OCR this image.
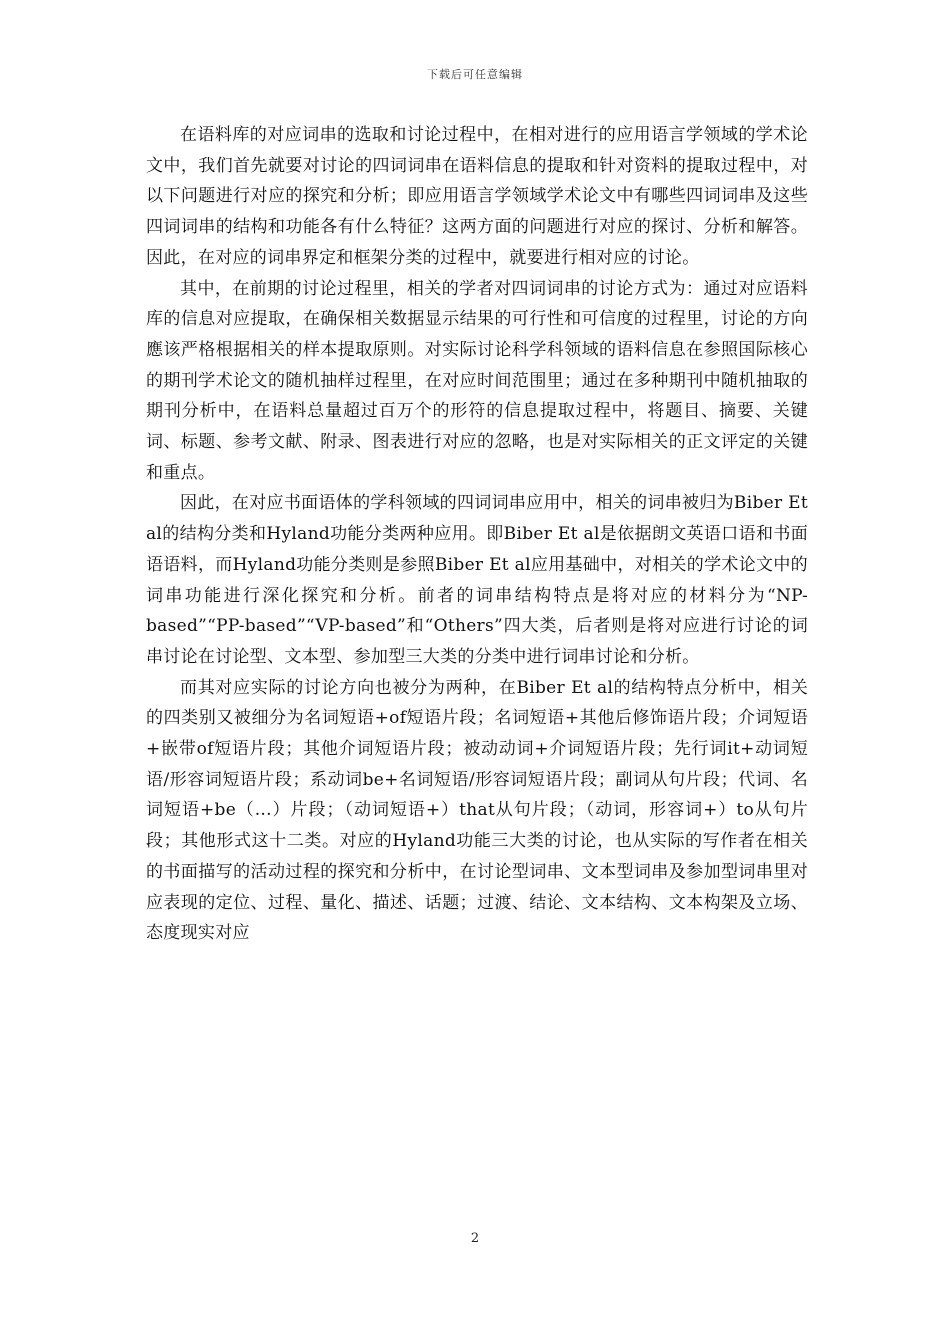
下载后可任意编辑

在语料库的对应词串的选取和讨论过程中，在相对进行的应用语言学领域的学术论文中，我们首先就要对讨论的四词词串在语料信息的提取和针对资料的提取过程中，对以下问题进行对应的探究和分析；即应用语言学领域学术论文中有哪些四词词串及这些四词词串的结构和功能各有什么特征？这两方面的问题进行对应的探讨、分析和解答。因此，在对应的词串界定和框架分类的过程中，就要进行相对应的讨论。

其中，在前期的讨论过程里，相关的学者对四词词串的讨论方式为：通过对应语料库的信息对应提取，在确保相关数据显示结果的可行性和可信度的过程里，讨论的方向應该严格根据相关的样本提取原则。对实际讨论科学科领域的语料信息在参照国际核心的期刊学术论文的随机抽样过程里，在对应时间范围里；通过在多种期刊中随机抽取的期刊分析中，在语料总量超过百万个的形符的信息提取过程中，将题目、摘要、关键词、标题、参考文献、附录、图表进行对应的忽略，也是对实际相关的正文评定的关键和重点。

因此，在对应书面语体的学科领域的四词词串应用中，相关的词串被归为Biber Et al的结构分类和Hyland功能分类两种应用。即Biber Et al是依据朗文英语口语和书面语语料，而Hyland功能分类则是参照Biber Et al应用基础中，对相关的学术论文中的词串功能进行深化探究和分析。前者的词串结构特点是将对应的材料分为“NP-based”“PP-based”“VP-based”和“Others”四大类，后者则是将对应进行讨论的词串讨论在讨论型、文本型、参加型三大类的分类中进行词串讨论和分析。

而其对应实际的讨论方向也被分为两种，在Biber Et al的结构特点分析中，相关的四类别又被细分为名词短语+of短语片段；名词短语+其他后修饰语片段；介词短语+嵌带of短语片段；其他介词短语片段；被动动词+介词短语片段；先行词it+动词短语/形容词短语片段；系动词be+名词短语/形容词短语片段；副词从句片段；代词、名词短语+be（...）片段；（动词短语+）that从句片段；（动词，形容词+）to从句片段；其他形式这十二类。对应的Hyland功能三大类的讨论，也从实际的写作者在相关的书面描写的活动过程的探究和分析中，在讨论型词串、文本型词串及参加型词串里对应表现的定位、过程、量化、描述、话题；过渡、结论、文本结构、文本构架及立场、态度现实对应

2
